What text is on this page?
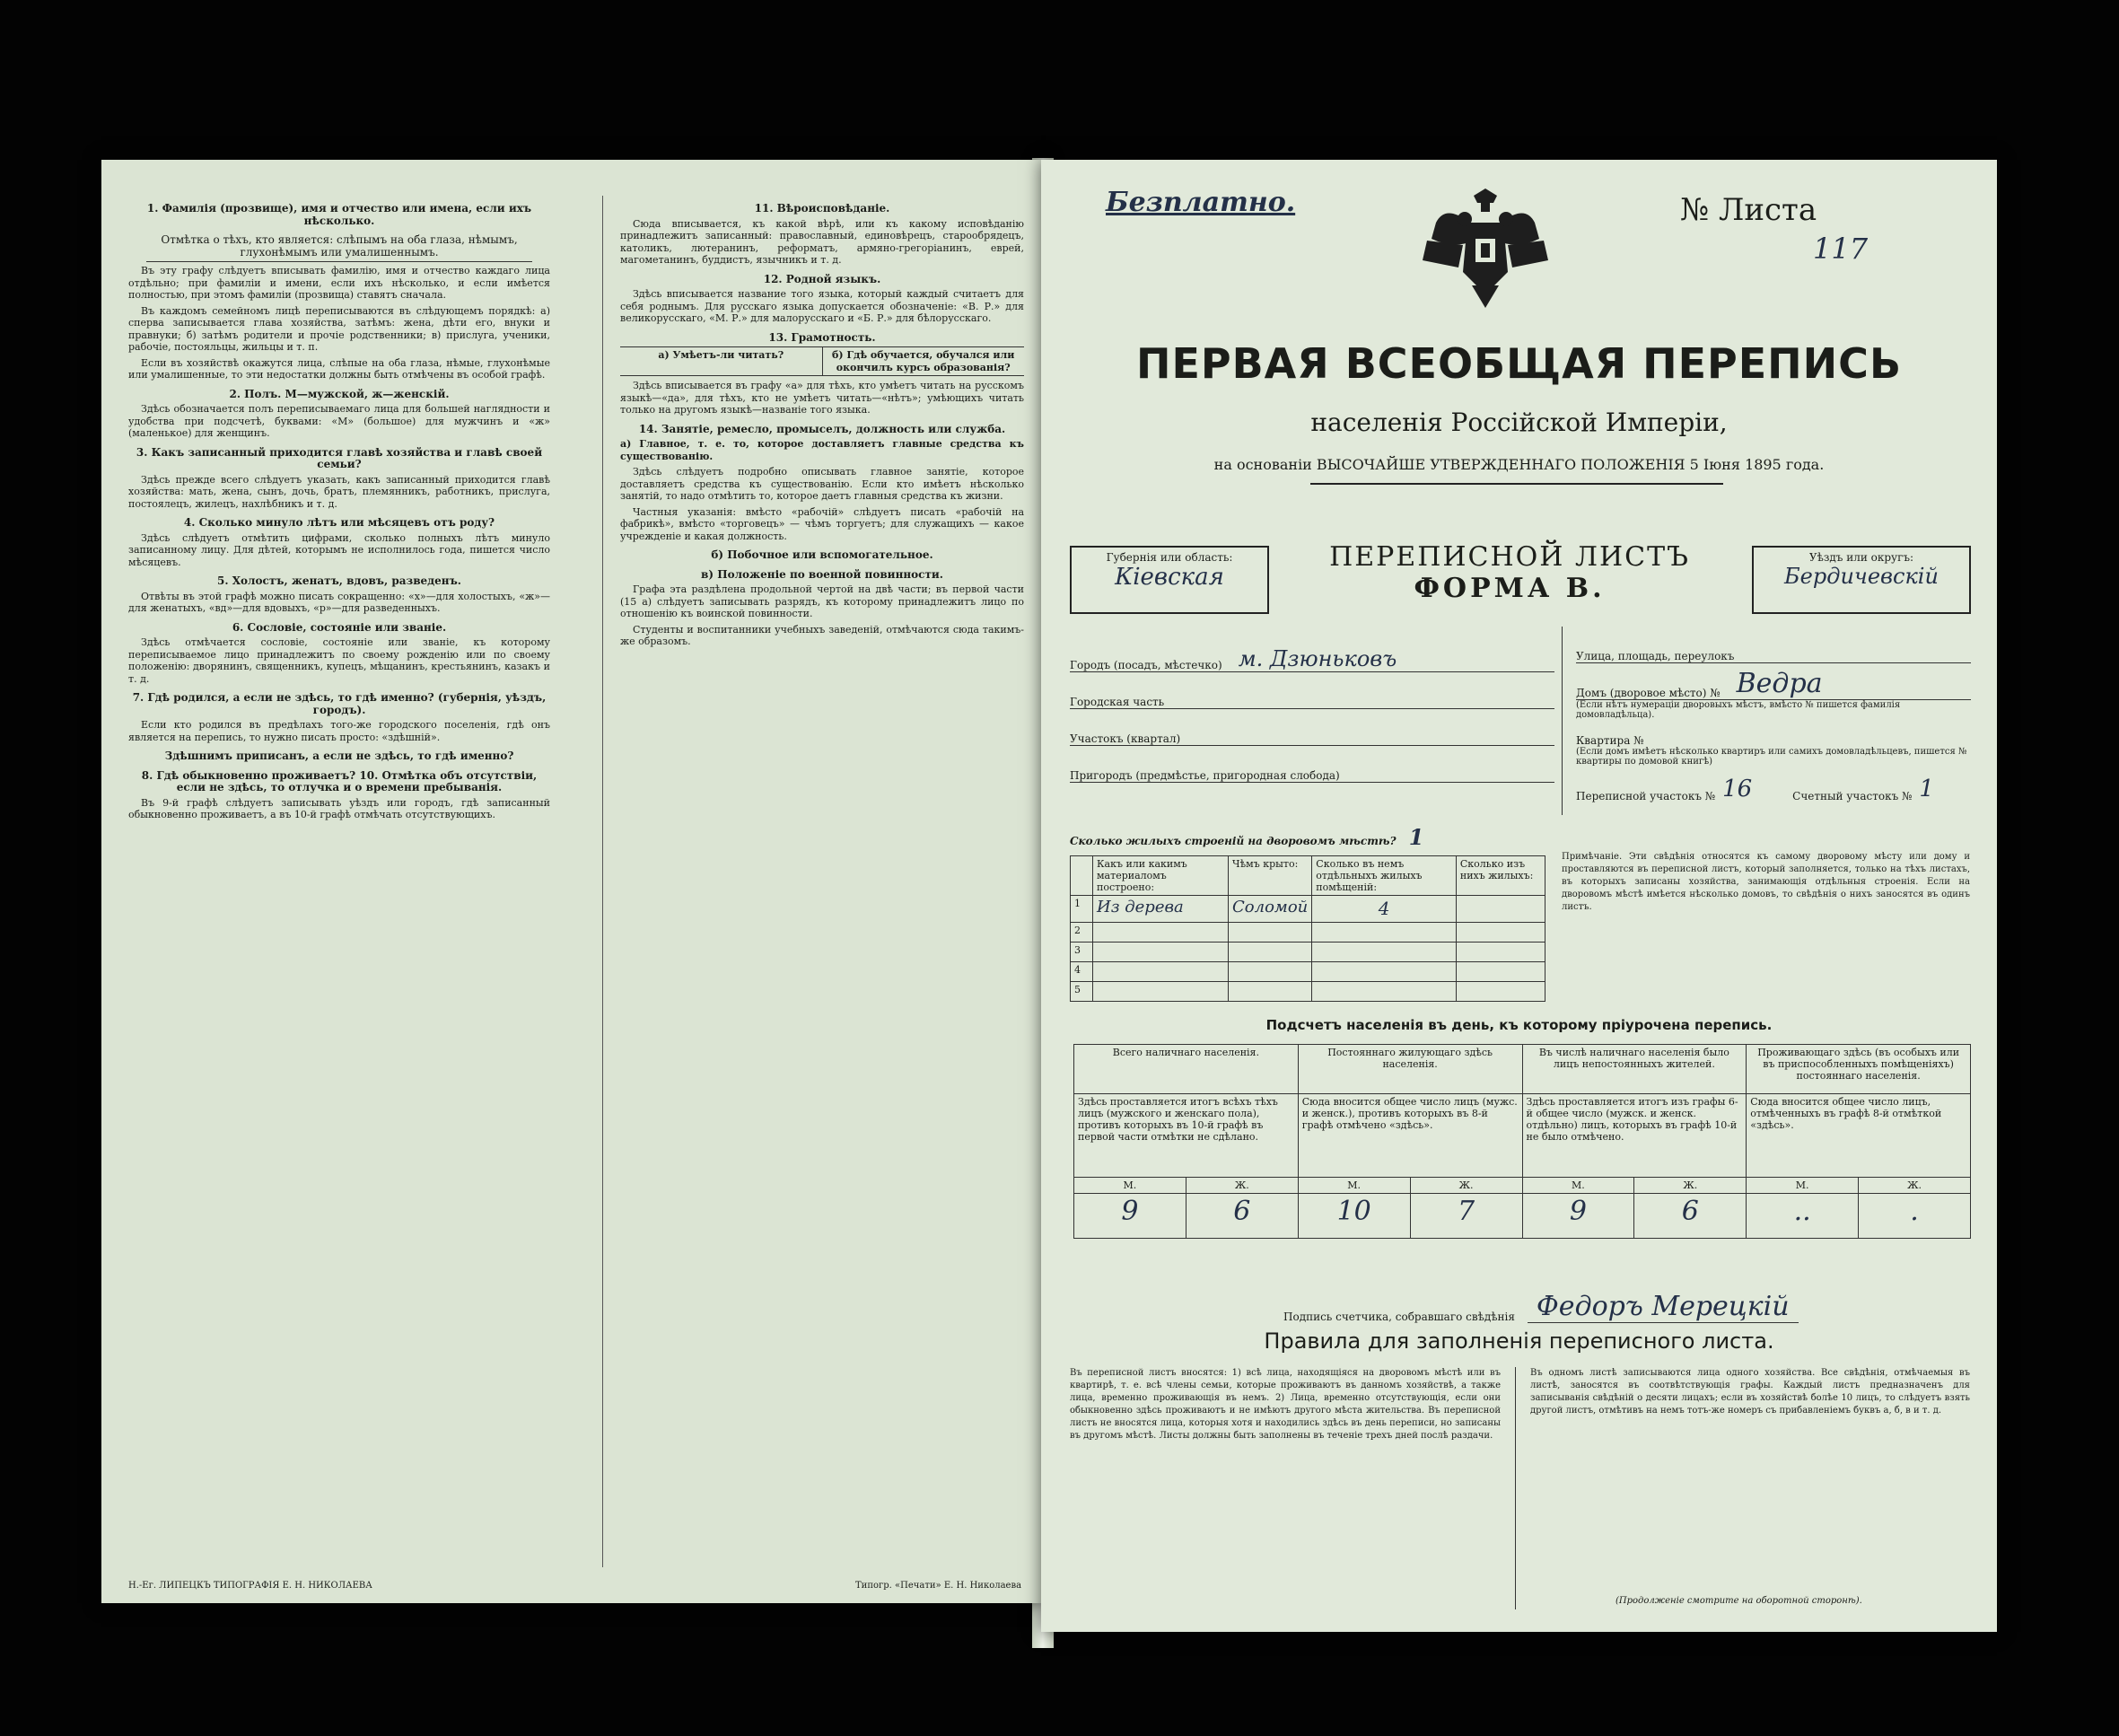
1. Фамилія (прозвище), имя и отчество или имена, если ихъ нѣсколько.
Отмѣтка о тѣхъ, кто является: слѣпымъ на оба глаза, нѣмымъ, глухонѣмымъ или умалишеннымъ.

Въ эту графу слѣдуетъ вписывать фамилію, имя и отчество каждаго лица отдѣльно; при фамиліи и имени, если ихъ нѣсколько, и если имѣется полностью, при этомъ фамиліи (прозвища) ставятъ сначала.

Въ каждомъ семейномъ лицѣ переписываются въ слѣдующемъ порядкѣ: а) сперва записывается глава хозяйства, затѣмъ: жена, дѣти его, внуки и правнуки; б) затѣмъ родители и прочіе родственники; в) прислуга, ученики, рабочіе, постояльцы, жильцы и т. п.

Если въ хозяйствѣ окажутся лица, слѣпые на оба глаза, нѣмые, глухонѣмые или умалишенные, то эти недостатки должны быть отмѣчены въ особой графѣ.

2. Полъ. М—мужской, ж—женскій.

Здѣсь обозначается полъ переписываемаго лица для большей наглядности и удобства при подсчетѣ, буквами: «М» (большое) для мужчинъ и «ж» (маленькое) для женщинъ.

3. Какъ записанный приходится главѣ хозяйства и главѣ своей семьи?

Здѣсь прежде всего слѣдуетъ указать, какъ записанный приходится главѣ хозяйства: мать, жена, сынъ, дочь, братъ, племянникъ, работникъ, прислуга, постоялецъ, жилецъ, нахлѣбникъ и т. д.

4. Сколько минуло лѣтъ или мѣсяцевъ отъ роду?

Здѣсь слѣдуетъ отмѣтить цифрами, сколько полныхъ лѣтъ минуло записанному лицу. Для дѣтей, которымъ не исполнилось года, пишется число мѣсяцевъ.

5. Холостъ, женатъ, вдовъ, разведенъ.

Отвѣты въ этой графѣ можно писать сокращенно: «х»—для холостыхъ, «ж»—для женатыхъ, «вд»—для вдовыхъ, «р»—для разведенныхъ.

6. Сословіе, состояніе или званіе.

Здѣсь отмѣчается сословіе, состояніе или званіе, къ которому переписываемое лицо принадлежитъ по своему рожденію или по своему положенію: дворянинъ, священникъ, купецъ, мѣщанинъ, крестьянинъ, казакъ и т. д.

7. Гдѣ родился, а если не здѣсь, то гдѣ именно? (губернія, уѣздъ, городъ).

Если кто родился въ предѣлахъ того-же городского поселенія, гдѣ онъ является на перепись, то нужно писать просто: «здѣшній».

Здѣшнимъ приписанъ, а если не здѣсь, то гдѣ именно?
8. Гдѣ обыкновенно проживаетъ? 10. Отмѣтка объ отсутствіи, если не здѣсь, то отлучка и о времени пребыванія.

Въ 9-й графѣ слѣдуетъ записывать уѣздъ или городъ, гдѣ записанный обыкновенно проживаетъ, а въ 10-й графѣ отмѣчать отсутствующихъ.

Н.-Ег. ЛИПЕЦКЪ ТИПОГРАФІЯ Е. Н. НИКОЛАЕВА
11. Вѣроисповѣданіе.

Сюда вписывается, къ какой вѣрѣ, или къ какому исповѣданію принадлежитъ записанный: православный, единовѣрецъ, старообрядецъ, католикъ, лютеранинъ, реформатъ, армяно-грегоріанинъ, еврей, магометанинъ, буддистъ, язычникъ и т. д.

12. Родной языкъ.

Здѣсь вписывается название того языка, который каждый считаетъ для себя роднымъ. Для русскаго языка допускается обозначеніе: «В. Р.» для великорусскаго, «М. Р.» для малорусскаго и «Б. Р.» для бѣлорусскаго.

13. Грамотность.
а) Умѣетъ-ли читать?	б) Гдѣ обучается, обучался или окончилъ курсъ образованія?

Здѣсь вписывается въ графу «а» для тѣхъ, кто умѣетъ читать на русскомъ языкѣ—«да», для тѣхъ, кто не умѣетъ читать—«нѣтъ»; умѣющихъ читать только на другомъ языкѣ—названіе того языка.

14. Занятіе, ремесло, промыселъ, должность или служба.

а) Главное, т. е. то, которое доставляетъ главные средства къ существованію.

Здѣсь слѣдуетъ подробно описывать главное занятіе, которое доставляетъ средства къ существованію. Если кто имѣетъ нѣсколько занятій, то надо отмѣтить то, которое даетъ главныя средства къ жизни.

Частныя указанія: вмѣсто «рабочій» слѣдуетъ писать «рабочій на фабрикѣ», вмѣсто «торговецъ» — чѣмъ торгуетъ; для служащихъ — какое учрежденіе и какая должность.

б) Побочное или вспомогательное.
в) Положеніе по военной повинности.

Графа эта раздѣлена продольной чертой на двѣ части; въ первой части (15 а) слѣдуетъ записывать разрядъ, къ которому принадлежитъ лицо по отношенію къ воинской повинности.

Студенты и воспитанники учебныхъ заведеній, отмѣчаются сюда такимъ-же образомъ.

Типогр. «Печати» Е. Н. Николаева
Безплатно.	№ Листа
117
ПЕРВАЯ ВСЕОБЩАЯ ПЕРЕПИСЬ
населенія Россійской Имперіи,
на основаніи ВЫСОЧАЙШЕ УТВЕРЖДЕННАГО ПОЛОЖЕНІЯ 5 Іюня 1895 года.
Губернія или область:
Кіевская
ПЕРЕПИСНОЙ ЛИСТЪ
ФОРМА В.
Уѣздъ или округъ:
Бердичевскій
Городъ (посадъ, мѣстечко) м. Дзюньковъ
Городская часть
Участокъ (квартал)
Пригородъ (предмѣстье, пригородная слобода)
Улица, площадь, переулокъ
Домъ (дворовое мѣсто) № Ведра
(Если нѣтъ нумераціи дворовыхъ мѣстъ, вмѣсто № пишется фамилія домовладѣльца).
Квартира №
(Если домъ имѣетъ нѣсколько квартиръ или самихъ домовладѣльцевъ, пишется № квартиры по домовой книгѣ)
Переписной участокъ № 16	Счетный участокъ № 1
Сколько жилыхъ строеній на дворовомъ мѣстѣ? 1
	Какъ или какимъ материаломъ построено:	Чѣмъ крыто:	Сколько въ немъ отдѣльныхъ жилыхъ помѣщеній:	Сколько изъ нихъ жилыхъ:
1	Из дерева	Соломой	4	
2				
3				
4				
5				
Примѣчаніе. Эти свѣдѣнія относятся къ самому дворовому мѣсту или дому и проставляются въ переписной листъ, который заполняется, только на тѣхъ листахъ, въ которыхъ записаны хозяйства, занимающія отдѣльныя строенія. Если на дворовомъ мѣстѣ имѣется нѣсколько домовъ, то свѣдѣнія о нихъ заносятся въ одинъ листъ.
Подсчетъ населенія въ день, къ которому пріурочена перепись.
Всего наличнаго населенія.		Постояннаго жилующаго здѣсь населенія.		Въ числѣ наличнаго населенія было лицъ непостоянныхъ жителей.		Проживающаго здѣсь (въ особыхъ или въ приспособленныхъ помѣщеніяхъ) постояннаго населенія.	
Здѣсь проставляется итогъ всѣхъ тѣхъ лицъ (мужского и женскаго пола), противъ которыхъ въ 10-й графѣ въ первой части отмѣтки не сдѣлано.		Сюда вносится общее число лицъ (мужс. и женск.), противъ которыхъ въ 8-й графѣ отмѣчено «здѣсь».		Здѣсь проставляется итогъ изъ графы 6-й общее число (мужск. и женск. отдѣльно) лицъ, которыхъ въ графѣ 10-й не было отмѣчено.		Сюда вносится общее число лицъ, отмѣченныхъ въ графѣ 8-й отмѣткой «здѣсь».	
М.	Ж.	М.	Ж.	М.	Ж.	М.	Ж.
9	6	10	7	9	6	..	.
Подпись счетчика, собравшаго свѣдѣнія Федоръ Мерецкій
Правила для заполненія переписного листа.
Въ переписной листъ вносятся: 1) всѣ лица, находящіяся на дворовомъ мѣстѣ или въ квартирѣ, т. е. всѣ члены семьи, которые проживаютъ въ данномъ хозяйствѣ, а также лица, временно проживающія въ немъ. 2) Лица, временно отсутствующія, если они обыкновенно здѣсь проживаютъ и не имѣютъ другого мѣста жительства. Въ переписной листъ не вносятся лица, которыя хотя и находились здѣсь въ день переписи, но записаны въ другомъ мѣстѣ. Листы должны быть заполнены въ теченіе трехъ дней послѣ раздачи.
Въ одномъ листѣ записываются лица одного хозяйства. Все свѣдѣнія, отмѣчаемыя въ листѣ, заносятся въ соотвѣтствующія графы. Каждый листъ предназначенъ для записыванія свѣдѣній о десяти лицахъ; если въ хозяйствѣ болѣе 10 лицъ, то слѣдуетъ взять другой листъ, отмѣтивъ на немъ тотъ-же номеръ съ прибавленіемъ буквъ а, б, в и т. д.
(Продолженіе смотрите на оборотной сторонѣ).
